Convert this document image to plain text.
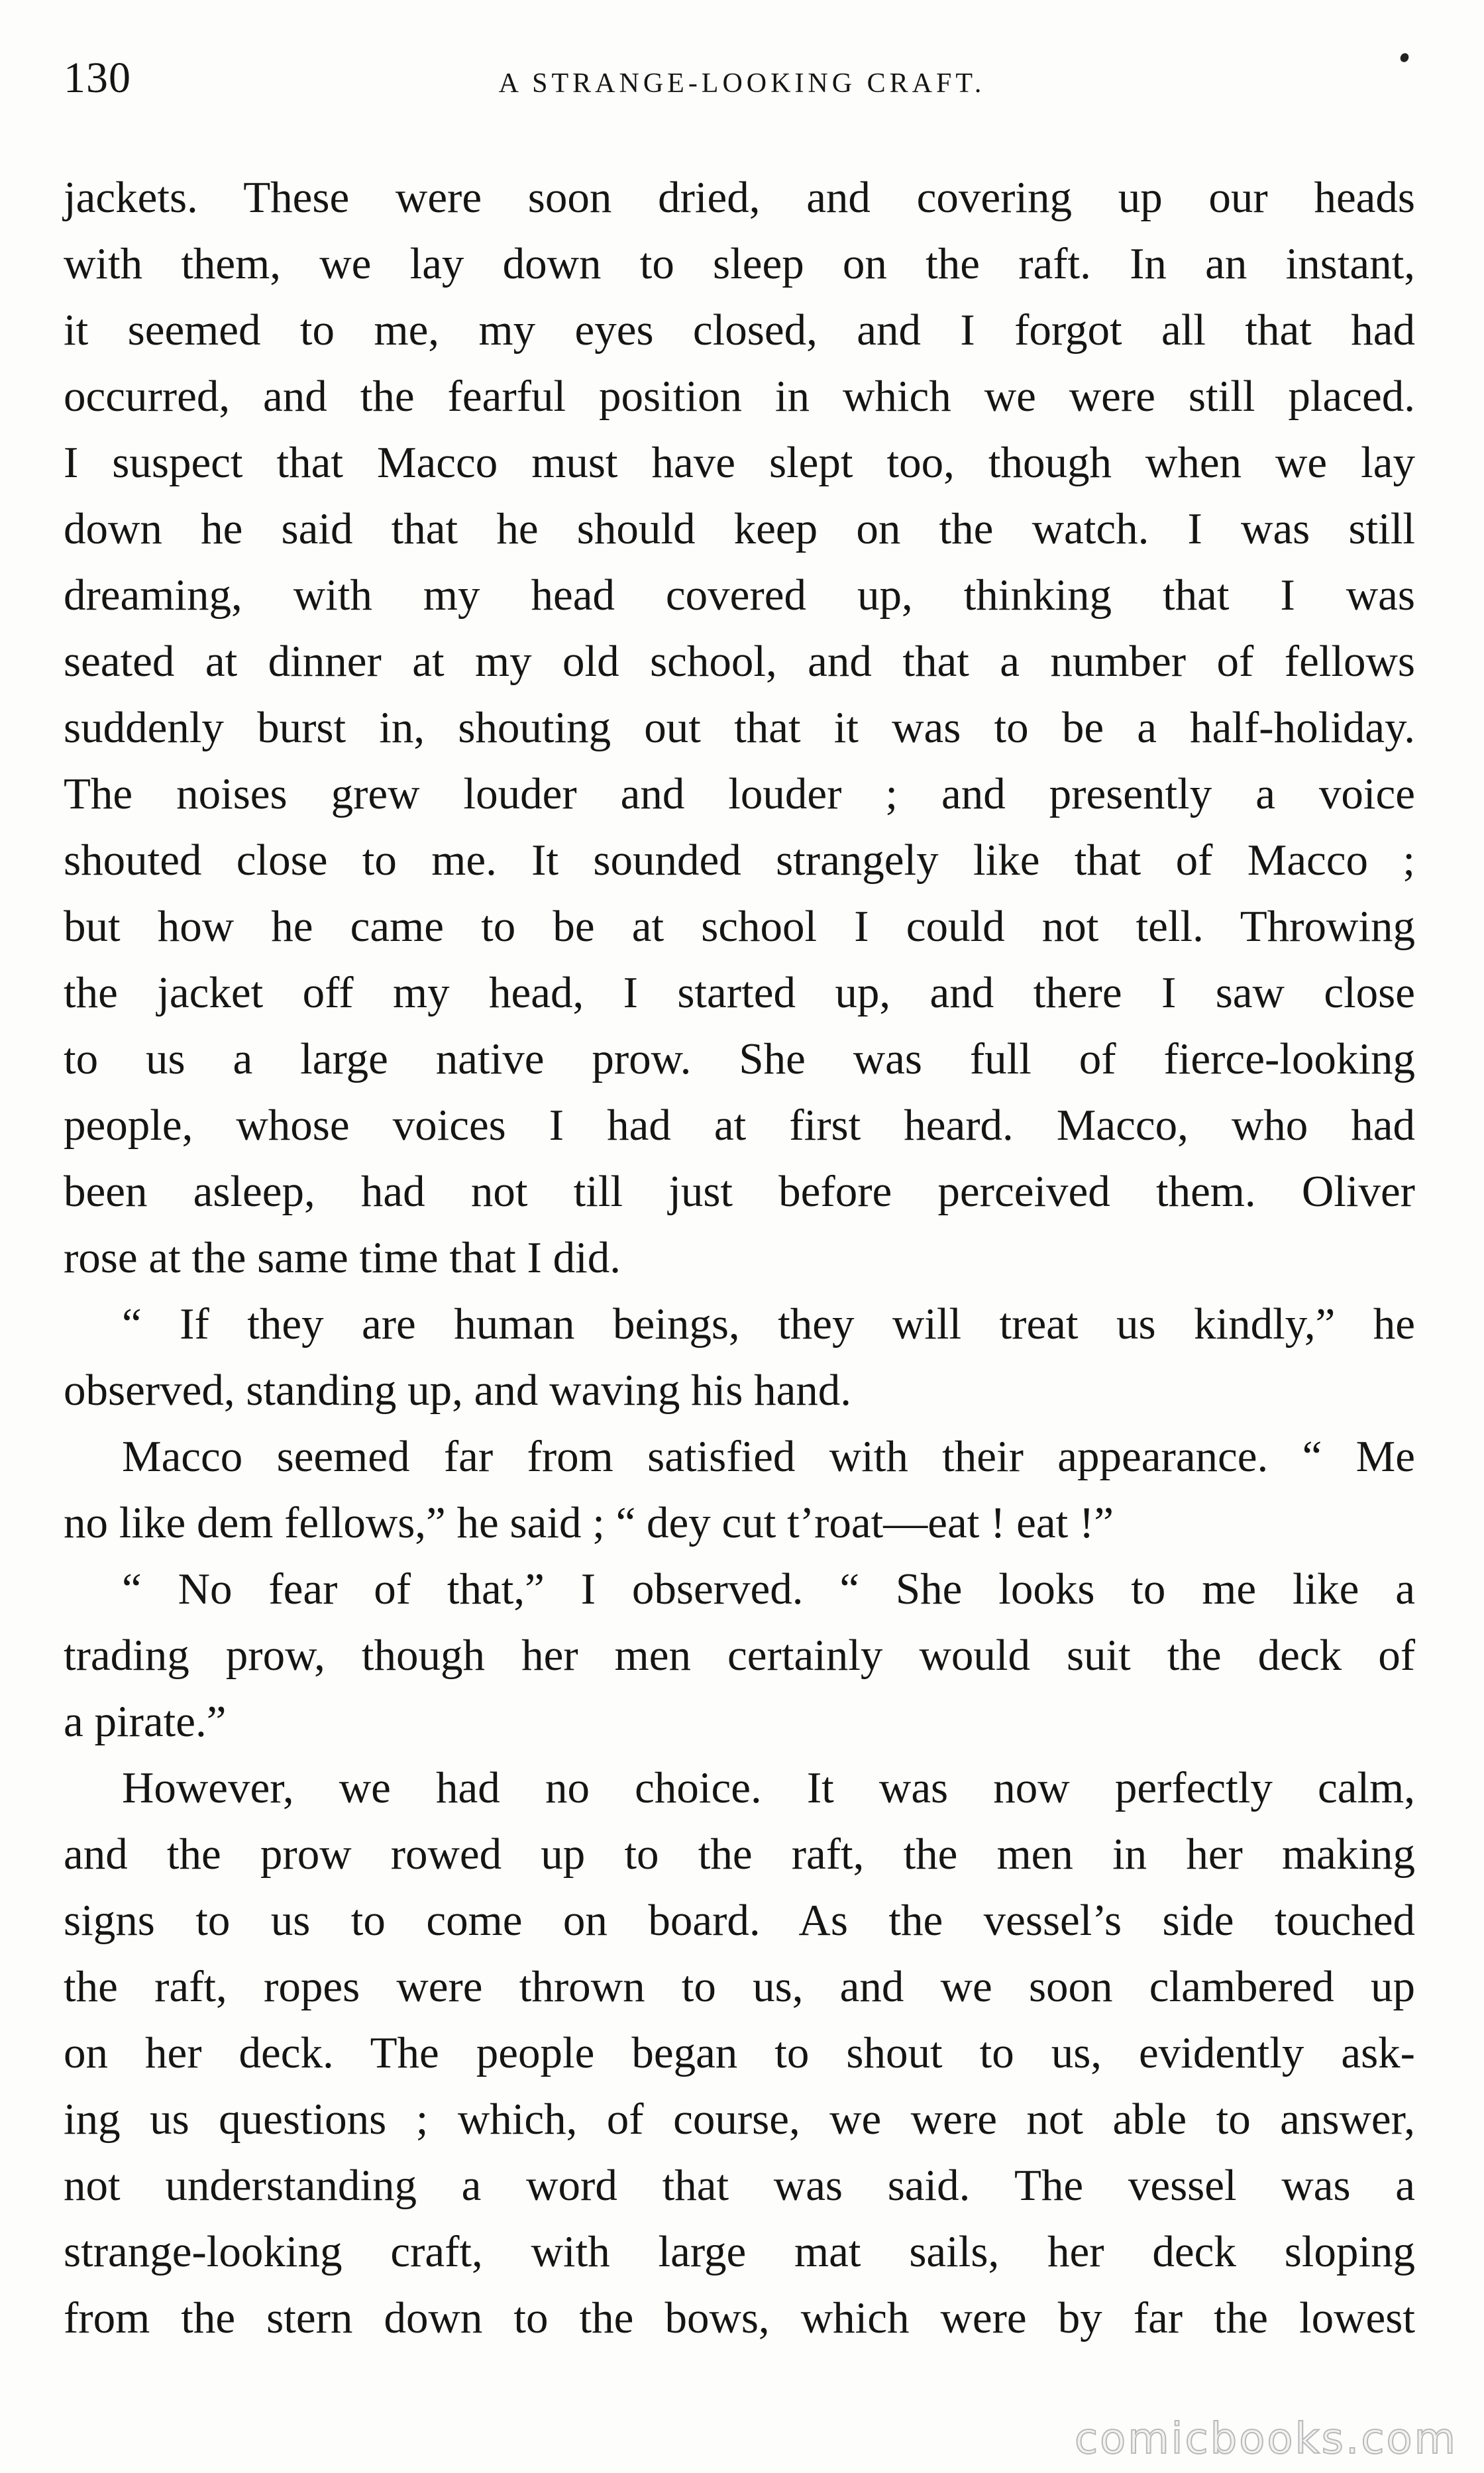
130	A STRANGE-LOOKING CRAFT.
jackets. These were soon dried, and covering up our heads
with them, we lay down to sleep on the raft. In an instant,
it seemed to me, my eyes closed, and I forgot all that had
occurred, and the fearful position in which we were still placed.
I suspect that Macco must have slept too, though when we lay
down he said that he should keep on the watch. I was still
dreaming, with my head covered up, thinking that I was
seated at dinner at my old school, and that a number of fellows
suddenly burst in, shouting out that it was to be a half-holiday.
The noises grew louder and louder ; and presently a voice
shouted close to me. It sounded strangely like that of Macco ;
but how he came to be at school I could not tell. Throwing
the jacket off my head, I started up, and there I saw close
to us a large native prow. She was full of fierce-looking
people, whose voices I had at first heard. Macco, who had
been asleep, had not till just before perceived them. Oliver
rose at the same time that I did.
“ If they are human beings, they will treat us kindly,” he
observed, standing up, and waving his hand.
Macco seemed far from satisfied with their appearance. “ Me
no like dem fellows,” he said ; “ dey cut t’roat—eat ! eat !”
“ No fear of that,” I observed. “ She looks to me like a
trading prow, though her men certainly would suit the deck of
a pirate.”
However, we had no choice. It was now perfectly calm,
and the prow rowed up to the raft, the men in her making
signs to us to come on board. As the vessel’s side touched
the raft, ropes were thrown to us, and we soon clambered up
on her deck. The people began to shout to us, evidently ask-
ing us questions ; which, of course, we were not able to answer,
not understanding a word that was said. The vessel was a
strange-looking craft, with large mat sails, her deck sloping
from the stern down to the bows, which were by far the lowest
comicbooks.com
